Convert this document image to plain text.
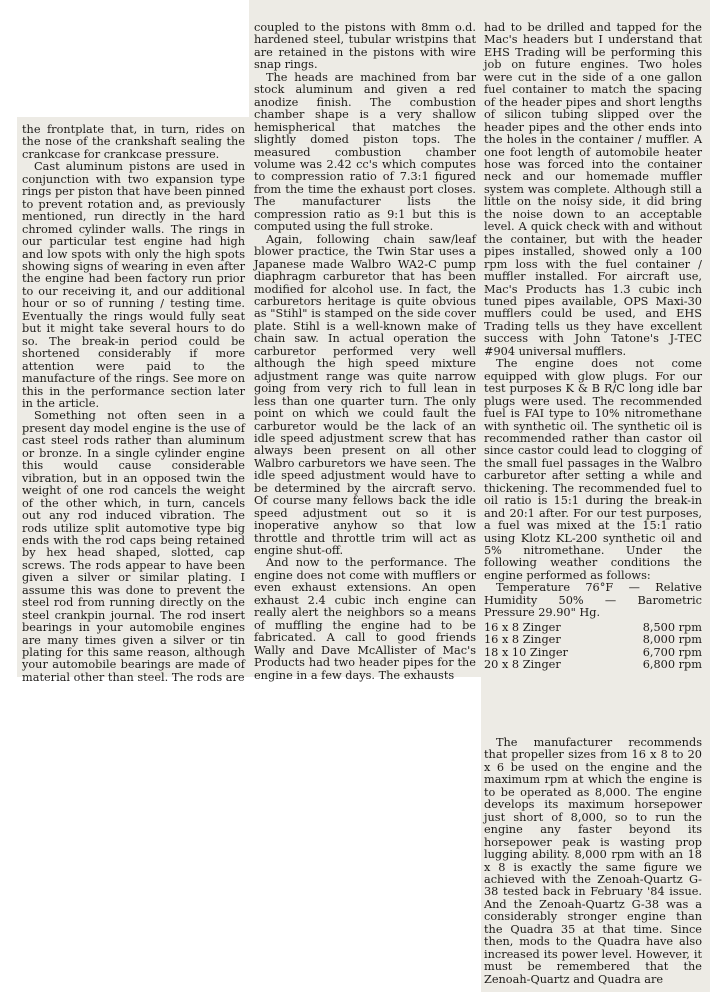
the frontplate that, in turn, rides on the nose of the crankshaft sealing the crankcase for crankcase pressure.

Cast aluminum pistons are used in conjunction with two expansion type rings per piston that have been pinned to prevent rotation and, as previously mentioned, run directly in the hard chromed cylinder walls. The rings in our particular test engine had high and low spots with only the high spots showing signs of wearing in even after the engine had been factory run prior to our receiving it, and our additional hour or so of running / testing time. Eventually the rings would fully seat but it might take several hours to do so. The break-in period could be shortened considerably if more attention were paid to the manufacture of the rings. See more on this in the performance section later in the article.

Something not often seen in a present day model engine is the use of cast steel rods rather than aluminum or bronze. In a single cylinder engine this would cause considerable vibration, but in an opposed twin the weight of one rod cancels the weight of the other which, in turn, cancels out any rod induced vibration. The rods utilize split automotive type big ends with the rod caps being retained by hex head shaped, slotted, cap screws. The rods appear to have been given a silver or similar plating. I assume this was done to prevent the steel rod from running directly on the steel crankpin journal. The rod insert bearings in your automobile engines are many times given a silver or tin plating for this same reason, although your automobile bearings are made of material other than steel. The rods are

coupled to the pistons with 8mm o.d. hardened steel, tubular wristpins that are retained in the pistons with wire snap rings.

The heads are machined from bar stock aluminum and given a red anodize finish. The combustion chamber shape is a very shallow hemispherical that matches the slightly domed piston tops. The measured combustion chamber volume was 2.42 cc's which computes to compression ratio of 7.3:1 figured from the time the exhaust port closes. The manufacturer lists the compression ratio as 9:1 but this is computed using the full stroke.

Again, following chain saw/leaf blower practice, the Twin Star uses a Japanese made Walbro WA2-C pump diaphragm carburetor that has been modified for alcohol use. In fact, the carburetors heritage is quite obvious as "Stihl" is stamped on the side cover plate. Stihl is a well-known make of chain saw. In actual operation the carburetor performed very well although the high speed mixture adjustment range was quite narrow going from very rich to full lean in less than one quarter turn. The only point on which we could fault the carburetor would be the lack of an idle speed adjustment screw that has always been present on all other Walbro carburetors we have seen. The idle speed adjustment would have to be determined by the aircraft servo. Of course many fellows back the idle speed adjustment out so it is inoperative anyhow so that low throttle and throttle trim will act as engine shut-off.

And now to the performance. The engine does not come with mufflers or even exhaust extensions. An open exhaust 2.4 cubic inch engine can really alert the neighbors so a means of muffling the engine had to be fabricated. A call to good friends Wally and Dave McAllister of Mac's Products had two header pipes for the engine in a few days. The exhausts

had to be drilled and tapped for the Mac's headers but I understand that EHS Trading will be performing this job on future engines. Two holes were cut in the side of a one gallon fuel container to match the spacing of the header pipes and short lengths of silicon tubing slipped over the header pipes and the other ends into the holes in the container / muffler. A one foot length of automobile heater hose was forced into the container neck and our homemade muffler system was complete. Although still a little on the noisy side, it did bring the noise down to an acceptable level. A quick check with and without the container, but with the header pipes installed, showed only a 100 rpm loss with the fuel container / muffler installed. For aircraft use, Mac's Products has 1.3 cubic inch tuned pipes available, OPS Maxi-30 mufflers could be used, and EHS Trading tells us they have excellent success with John Tatone's J-TEC #904 universal mufflers.

The engine does not come equipped with glow plugs. For our test purposes K & B R/C long idle bar plugs were used. The recommended fuel is FAI type to 10% nitromethane with synthetic oil. The synthetic oil is recommended rather than castor oil since castor could lead to clogging of the small fuel passages in the Walbro carburetor after setting a while and thickening. The recommended fuel to oil ratio is 15:1 during the break-in and 20:1 after. For our test purposes, a fuel was mixed at the 15:1 ratio using Klotz KL-200 synthetic oil and 5% nitromethane. Under the following weather conditions the engine performed as follows:

Temperature 76°F — Relative Humidity 50% — Barometric Pressure 29.90" Hg.

16 x 8 Zinger	8,500 rpm
16 x 8 Zinger	8,000 rpm
18 x 10 Zinger	6,700 rpm
20 x 8 Zinger	6,800 rpm

The manufacturer recommends that propeller sizes from 16 x 8 to 20 x 6 be used on the engine and the maximum rpm at which the engine is to be operated as 8,000. The engine develops its maximum horsepower just short of 8,000, so to run the engine any faster beyond its horsepower peak is wasting prop lugging ability. 8,000 rpm with an 18 x 8 is exactly the same figure we achieved with the Zenoah-Quartz G-38 tested back in February '84 issue. And the Zenoah-Quartz G-38 was a considerably stronger engine than the Quadra 35 at that time. Since then, mods to the Quadra have also increased its power level. However, it must be remembered that the Zenoah-Quartz and Quadra are
